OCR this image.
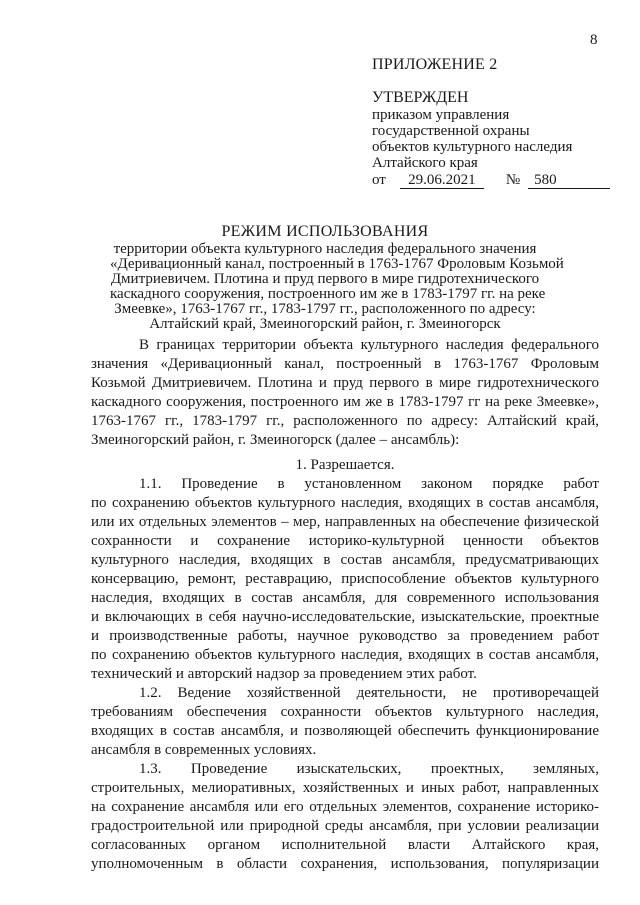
8
ПРИЛОЖЕНИЕ 2
УТВЕРЖДЕН
приказом управления
государственной охраны
объектов культурного наследия
Алтайского края
от	29.06.2021	№ 580
РЕЖИМ ИСПОЛЬЗОВАНИЯ
территории объекта культурного наследия федерального значения
«Деривационный канал, построенный в 1763-1767 Фроловым Козьмой
Дмитриевичем. Плотина и пруд первого в мире гидротехнического
каскадного сооружения, построенного им же в 1783-1797 гг. на реке
Змеевке», 1763-1767 гг., 1783-1797 гг., расположенного по адресу:
Алтайский край, Змеиногорский район, г. Змеиногорск
В границах территории объекта культурного наследия федерального
значения «Деривационный канал, построенный в 1763-1767 Фроловым
Козьмой Дмитриевичем. Плотина и пруд первого в мире гидротехнического
каскадного сооружения, построенного им же в 1783-1797 гг на реке Змеевке»,
1763-1767 гг., 1783-1797 гг., расположенного по адресу: Алтайский край,
Змеиногорский район, г. Змеиногорск (далее – ансамбль):
1. Разрешается.
1.1. Проведение в установленном законом порядке работ
по сохранению объектов культурного наследия, входящих в состав ансамбля,
или их отдельных элементов – мер, направленных на обеспечение физической
сохранности и сохранение историко-культурной ценности объектов
культурного наследия, входящих в состав ансамбля, предусматривающих
консервацию, ремонт, реставрацию, приспособление объектов культурного
наследия, входящих в состав ансамбля, для современного использования
и включающих в себя научно-исследовательские, изыскательские, проектные
и производственные работы, научное руководство за проведением работ
по сохранению объектов культурного наследия, входящих в состав ансамбля,
технический и авторский надзор за проведением этих работ.
1.2. Ведение хозяйственной деятельности, не противоречащей
требованиям обеспечения сохранности объектов культурного наследия,
входящих в состав ансамбля, и позволяющей обеспечить функционирование
ансамбля в современных условиях.
1.3. Проведение изыскательских, проектных, земляных,
строительных, мелиоративных, хозяйственных и иных работ, направленных
на сохранение ансамбля или его отдельных элементов, сохранение историко-
градостроительной или природной среды ансамбля, при условии реализации
согласованных органом исполнительной власти Алтайского края,
уполномоченным в области сохранения, использования, популяризации
